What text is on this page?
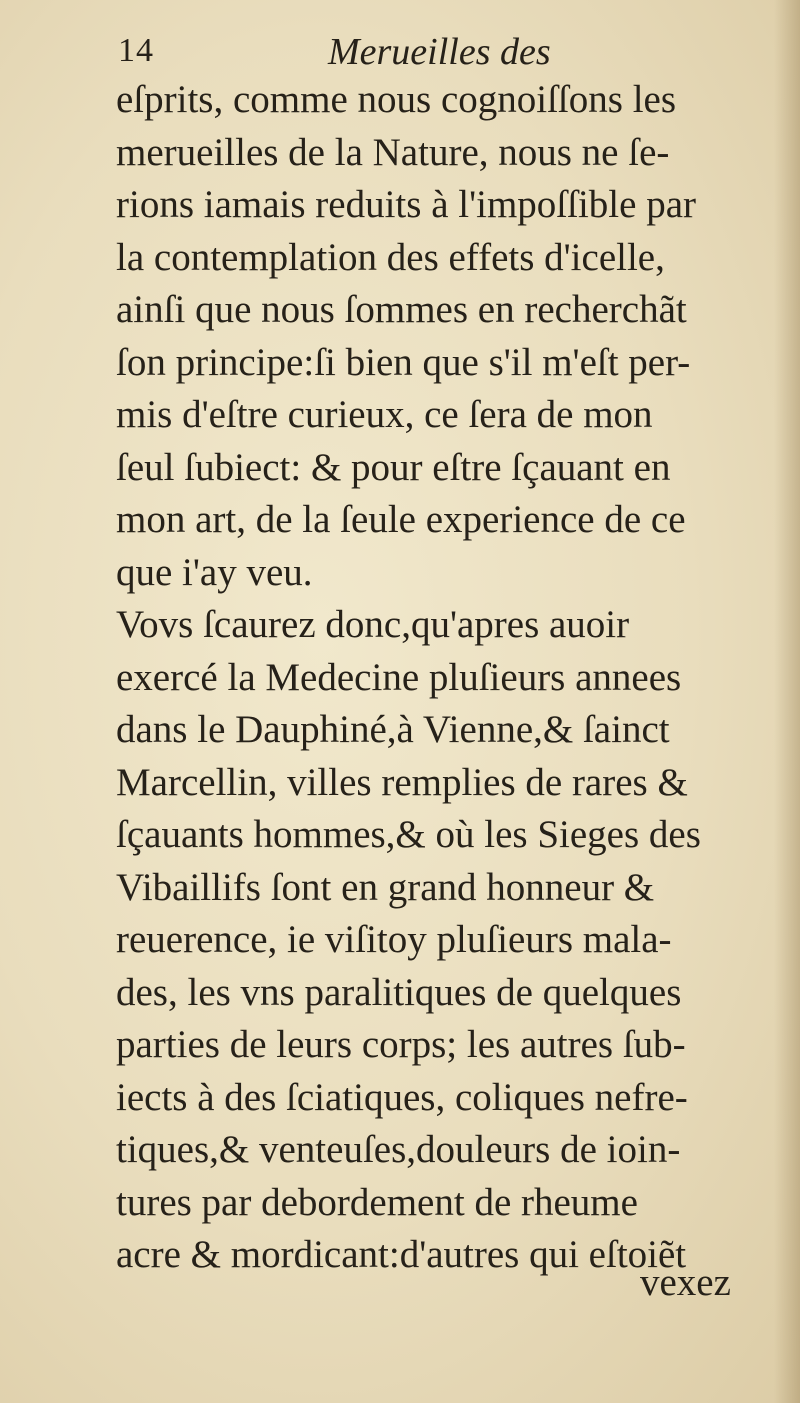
14	Merueilles des
eſprits, comme nous cognoiſſons les
merueilles de la Nature, nous ne ſe-
rions iamais reduits à l'impoſſible par
la contemplation des effets d'icelle,
ainſi que nous ſommes en recherchãt
ſon principe:ſi bien que s'il m'eſt per-
mis d'eſtre curieux, ce ſera de mon
ſeul ſubiect: & pour eſtre ſçauant en
mon art, de la ſeule experience de ce
que i'ay veu.
Vovs ſcaurez donc,qu'apres auoir
exercé la Medecine pluſieurs annees
dans le Dauphiné,à Vienne,& ſainct
Marcellin, villes remplies de rares &
ſçauants hommes,& où les Sieges des
Vibaillifs ſont en grand honneur &
reuerence, ie viſitoy pluſieurs mala-
des, les vns paralitiques de quelques
parties de leurs corps; les autres ſub-
iects à des ſciatiques, coliques nefre-
tiques,& venteuſes,douleurs de ioin-
tures par debordement de rheume
acre & mordicant:d'autres qui eſtoiẽt
vexez
